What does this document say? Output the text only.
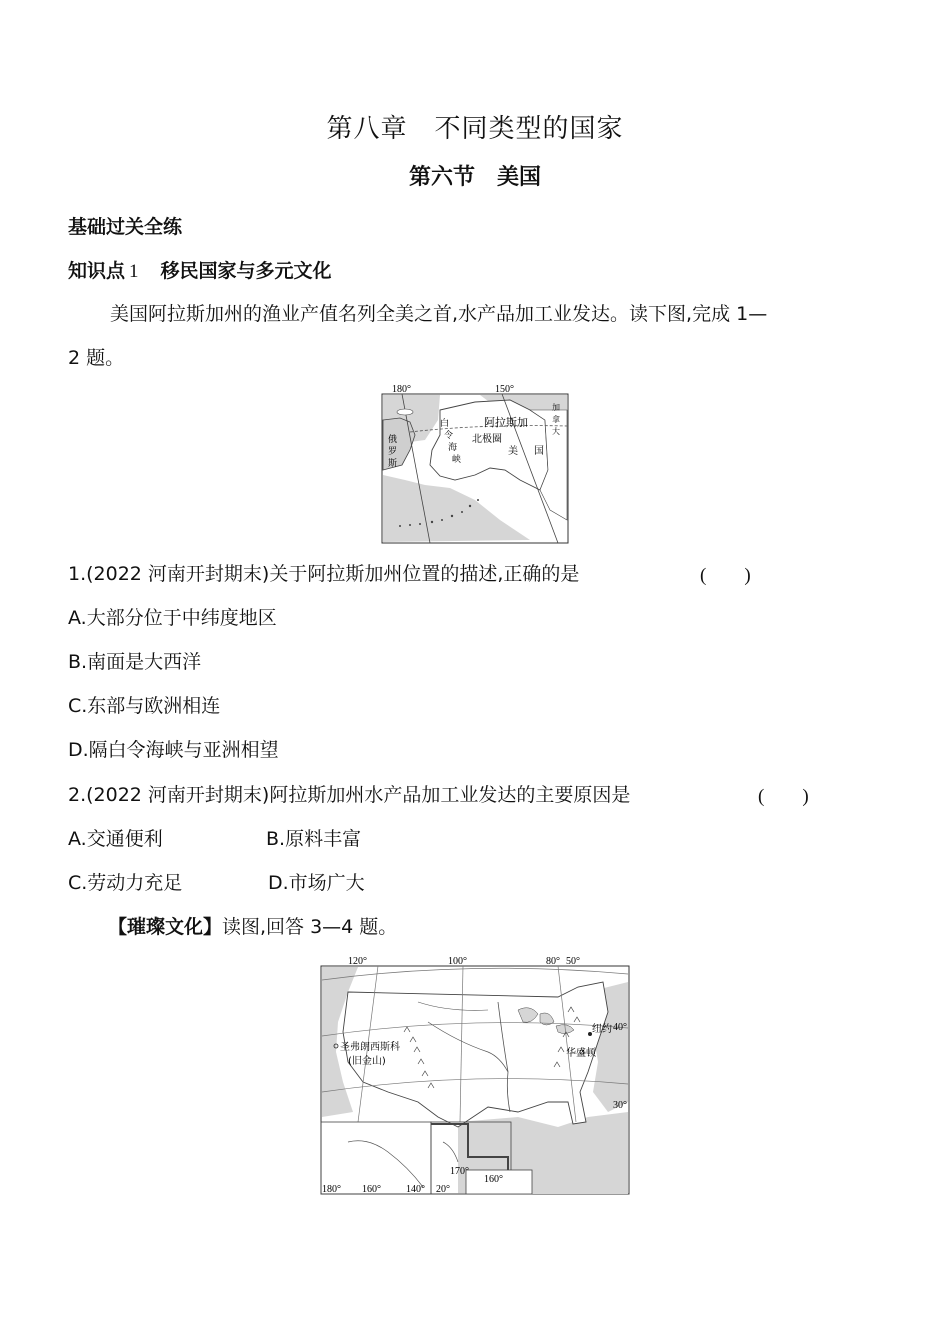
第八章　不同类型的国家
第六节　美国
基础过关全练
知识点 1 移民国家与多元文化
美国阿拉斯加州的渔业产值名列全美之首,水产品加工业发达。读下图,完成 1—
2 题。
180°	150°
阿拉斯加
北极圈
美 国
白
令
海
峡
俄
罗
斯
加
拿
大
1.(2022 河南开封期末)关于阿拉斯加州位置的描述,正确的是	(　　)
A.大部分位于中纬度地区
B.南面是大西洋
C.东部与欧洲相连
D.隔白令海峡与亚洲相望
2.(2022 河南开封期末)阿拉斯加州水产品加工业发达的主要原因是	(　　)
A.交通便利	B.原料丰富
C.劳动力充足	D.市场广大
【璀璨文化】读图,回答 3—4 题。
120°	100°	80° 50°
40°
30°
20°
180° 160°	140°
170°
160°
圣弗朗西斯科
(旧金山)
纽约
华盛顿
